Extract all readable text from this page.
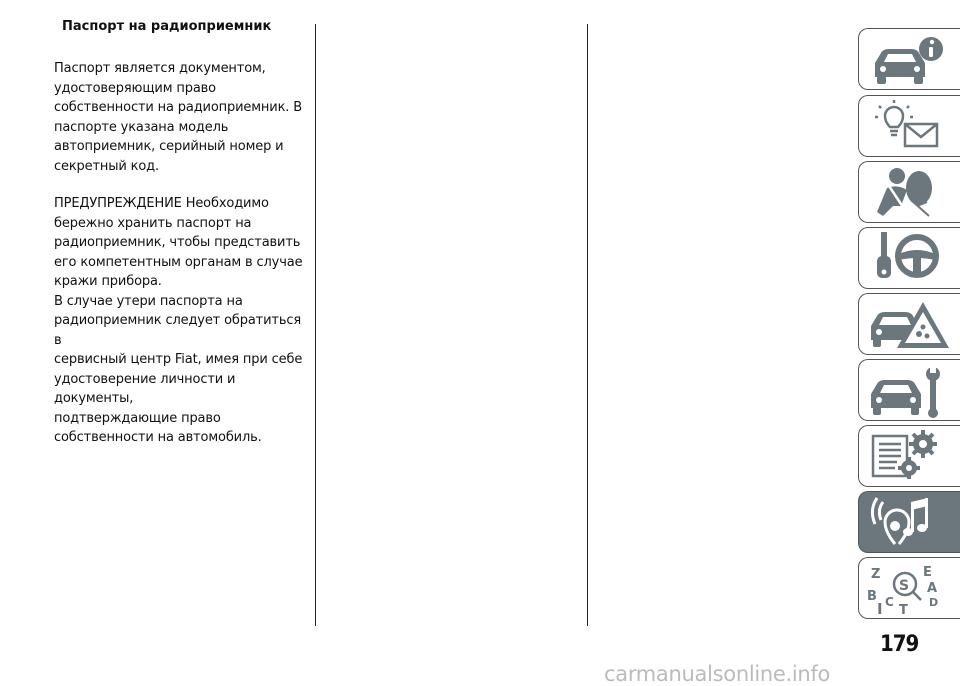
Паспорт на радиоприемник
Паспорт является документом,
удостоверяющим право
собственности на радиоприемник. В
паспорте указана модель
автоприемник, серийный номер и
секретный код.
ПРЕДУПРЕЖДЕНИЕ Необходимо
бережно хранить паспорт на
радиоприемник, чтобы представить
его компетентным органам в случае
кражи прибора.
В случае утери паспорта на
радиоприемник следует обратиться в
сервисный центр Fiat, имея при себе
удостоверение личности и документы,
подтверждающие право
собственности на автомобиль.
Z	E
B
A
D
I C
T
S
179
carmanualsonline.info
